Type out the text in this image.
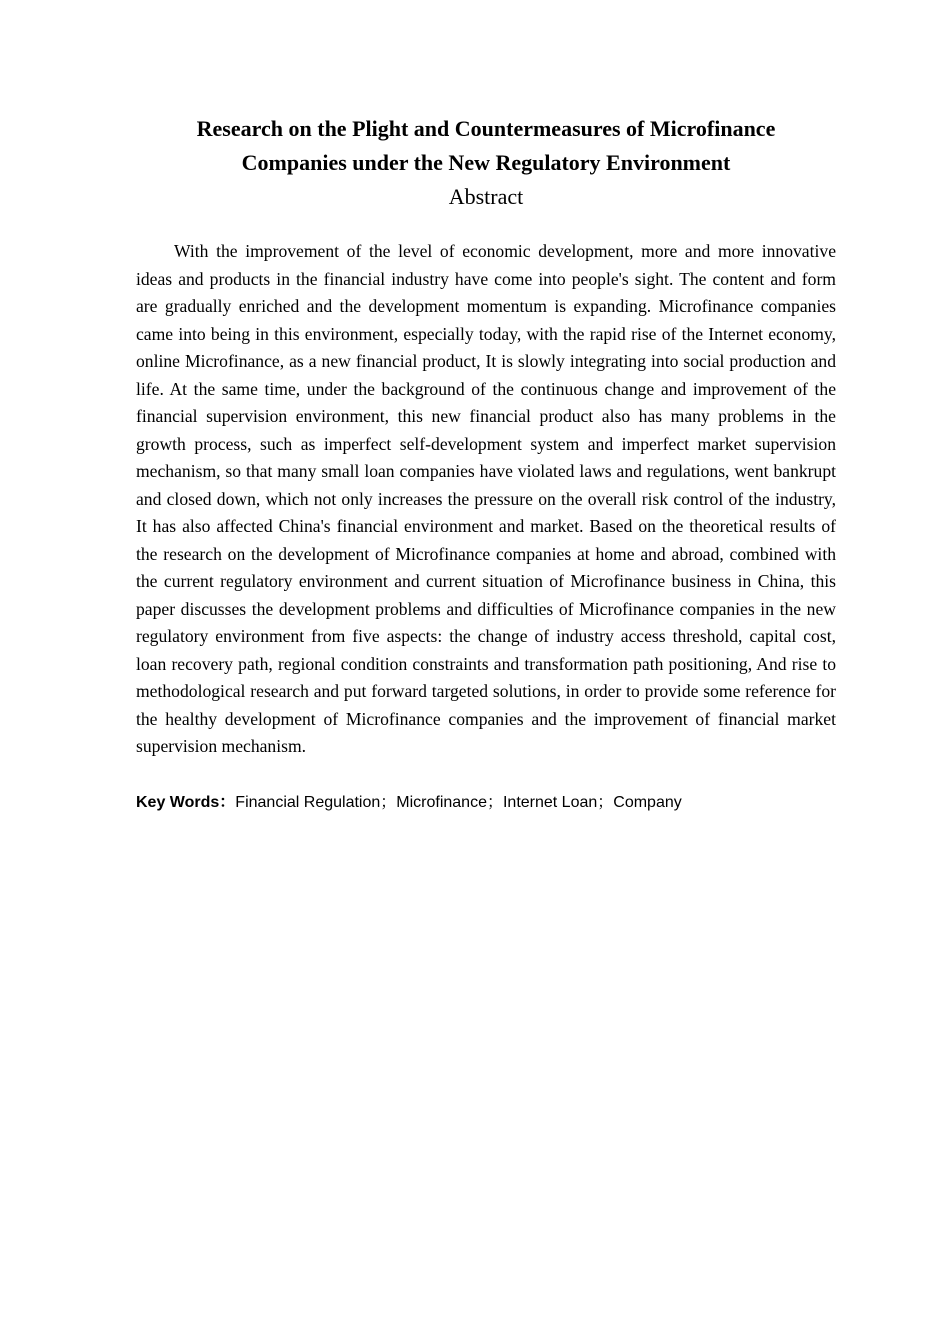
Research on the Plight and Countermeasures of Microfinance
Companies under the New Regulatory Environment

Abstract

With the improvement of the level of economic development, more and more innovative ideas and products in the financial industry have come into people's sight. The content and form are gradually enriched and the development momentum is expanding. Microfinance companies came into being in this environment, especially today, with the rapid rise of the Internet economy, online Microfinance, as a new financial product, It is slowly integrating into social production and life. At the same time, under the background of the continuous change and improvement of the financial supervision environment, this new financial product also has many problems in the growth process, such as imperfect self-development system and imperfect market supervision mechanism, so that many small loan companies have violated laws and regulations, went bankrupt and closed down, which not only increases the pressure on the overall risk control of the industry, It has also affected China's financial environment and market. Based on the theoretical results of the research on the development of Microfinance companies at home and abroad, combined with the current regulatory environment and current situation of Microfinance business in China, this paper discusses the development problems and difficulties of Microfinance companies in the new regulatory environment from five aspects: the change of industry access threshold, capital cost, loan recovery path, regional condition constraints and transformation path positioning, And rise to methodological research and put forward targeted solutions, in order to provide some reference for the healthy development of Microfinance companies and the improvement of financial market supervision mechanism.

Key Words：Financial Regulation；Microfinance；Internet Loan；Company
